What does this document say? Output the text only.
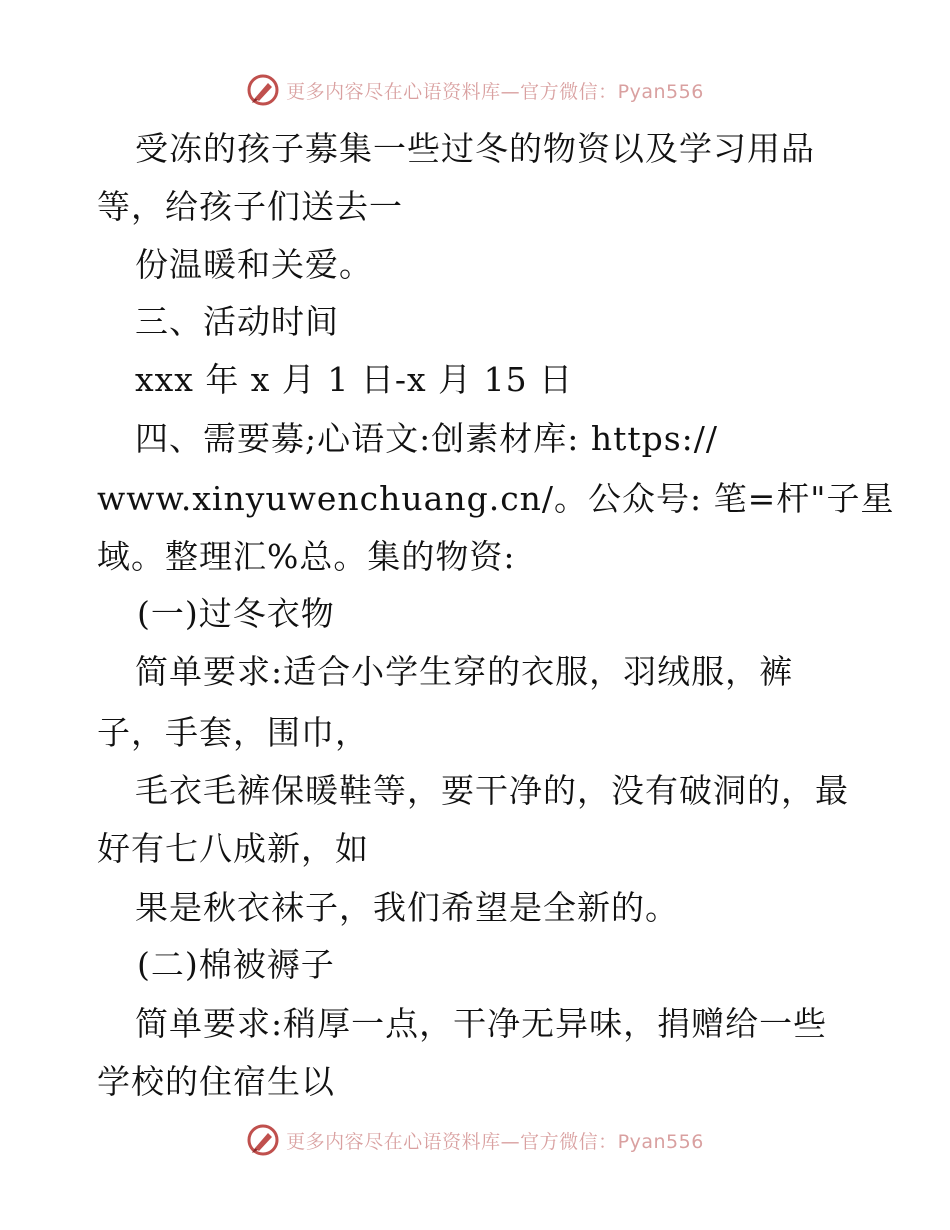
更多内容尽在心语资料库—官方微信：Pyan556
受冻的孩子募集一些过冬的物资以及学习用品
等，给孩子们送去一
份温暖和关爱。
三、活动时间
xxx 年 x 月 1 日-x 月 15 日
四、需要募;心语文:创素材库: https://
www.xinyuwenchuang.cn/。公众号: 笔=杆"子星
域。整理汇%总。集的物资:
(一)过冬衣物
简单要求:适合小学生穿的衣服，羽绒服，裤
子，手套，围巾，
毛衣毛裤保暖鞋等，要干净的，没有破洞的，最
好有七八成新，如
果是秋衣袜子，我们希望是全新的。
(二)棉被褥子
简单要求:稍厚一点，干净无异味，捐赠给一些
学校的住宿生以
更多内容尽在心语资料库—官方微信：Pyan556
